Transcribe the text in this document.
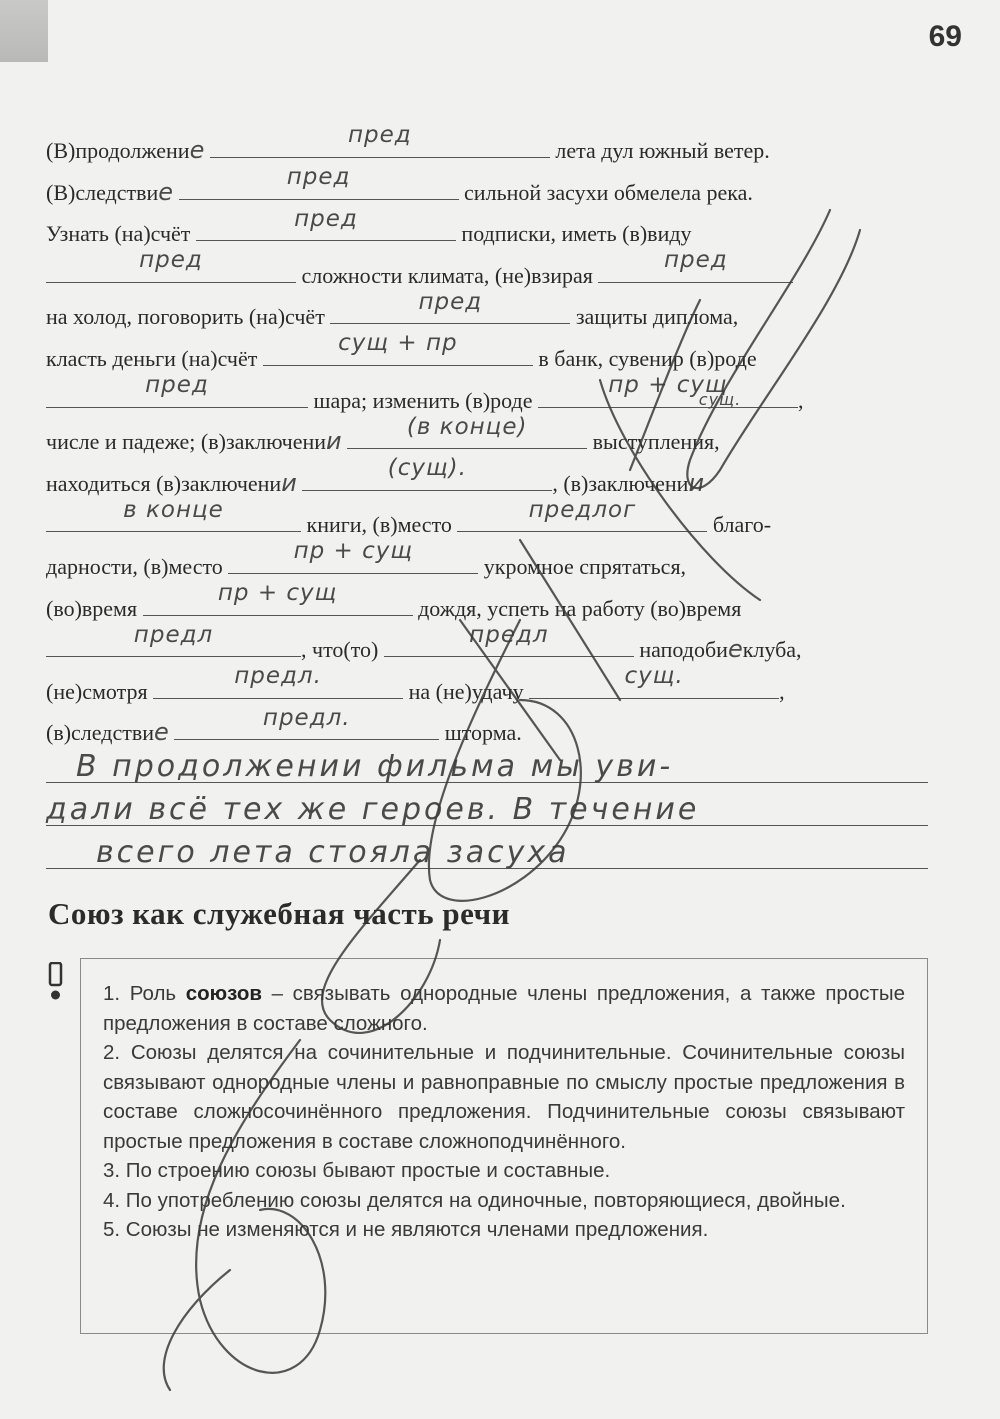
69
(В)продолжение
пред
лета дул южный ветер.
(В)следствие
пред
сильной засухи обмелела река.
Узнать (на)счёт
пред
подписки, иметь (в)виду
пред
сложности климата, (не)взирая
пред
на холод, поговорить (на)счёт
пред
защиты диплома,
класть деньги (на)счёт
сущ + пр
в банк, сувенир (в)роде
пред
шара; изменить (в)роде
пр + сущ
сущ.	,
числе и падеже; (в)заключении
(в конце)
выступления,
находиться (в)заключении
(сущ).
, (в)заключении
в конце
книги, (в)место
предлог
благо-
дарности, (в)место
пр + сущ
укромное спрятаться,
(во)время
пр + сущ
дождя, успеть на работу (во)время
предл
, что(то)
предл
наподобиеклуба,
(не)смотря
предл.
на (не)удачу
сущ.
,
(в)следствие
предл.
шторма.
В продолжении фильма мы уви-
дали всё тех же героев. В течение
всего лета стояла засуха
Союз как служебная часть речи

1. Роль союзов – связывать однородные члены предложения, а также простые предложения в составе сложного.

2. Союзы делятся на сочинительные и подчинительные. Сочинительные союзы связывают однородные члены и равноправные по смыслу простые предложения в составе сложносочинённого предложения. Подчинительные союзы связывают простые предложения в составе сложноподчинённого.

3. По строению союзы бывают простые и составные.

4. По употреблению союзы делятся на одиночные, повторяющиеся, двойные.

5. Союзы не изменяются и не являются членами предложения.
